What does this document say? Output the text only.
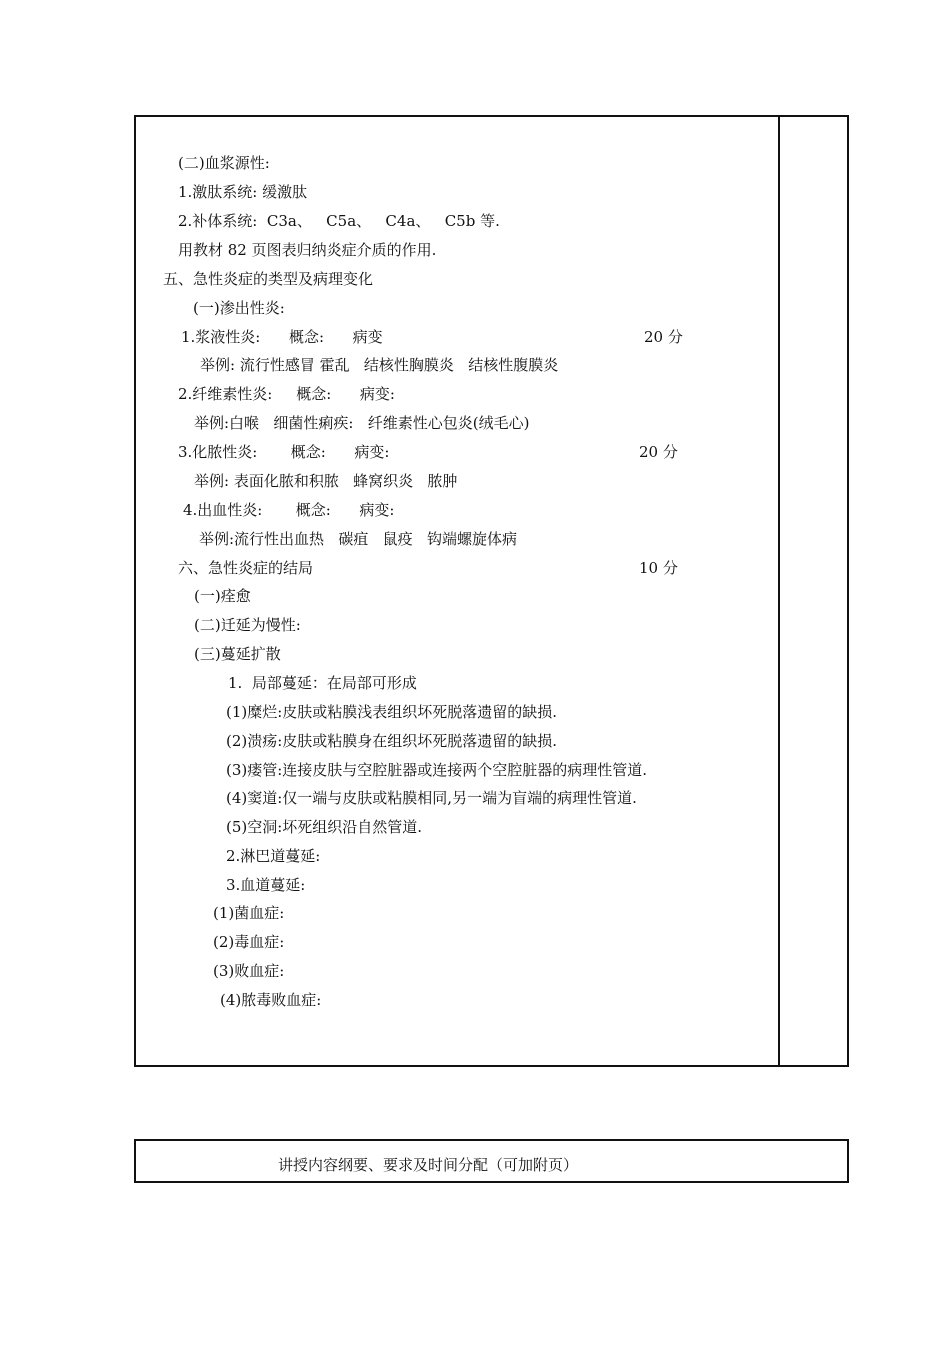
(二)血浆源性:
1.激肽系统: 缓激肽
2.补体系统:  C3a、   C5a、   C4a、   C5b 等.
用教材 82 页图表归纳炎症介质的作用.
五、急性炎症的类型及病理变化
(一)渗出性炎:
1.浆液性炎:      概念:      病变	20 分
举例: 流行性感冒 霍乱   结核性胸膜炎   结核性腹膜炎
2.纤维素性炎:     概念:      病变:
举例:白喉   细菌性痢疾:   纤维素性心包炎(绒毛心)
3.化脓性炎:       概念:      病变:	20 分
举例: 表面化脓和积脓   蜂窝织炎   脓肿
4.出血性炎:       概念:      病变:
举例:流行性出血热   碳疽   鼠疫   钩端螺旋体病
六、急性炎症的结局	10 分
(一)痊愈
(二)迁延为慢性:
(三)蔓延扩散
1.  局部蔓延：在局部可形成
(1)糜烂:皮肤或粘膜浅表组织坏死脱落遗留的缺损.
(2)溃疡:皮肤或粘膜身在组织坏死脱落遗留的缺损.
(3)瘘管:连接皮肤与空腔脏器或连接两个空腔脏器的病理性管道.
(4)窦道:仅一端与皮肤或粘膜相同,另一端为盲端的病理性管道.
(5)空洞:坏死组织沿自然管道.
2.淋巴道蔓延:
3.血道蔓延:
(1)菌血症:
(2)毒血症:
(3)败血症:
(4)脓毒败血症:
讲授内容纲要、要求及时间分配（可加附页）
